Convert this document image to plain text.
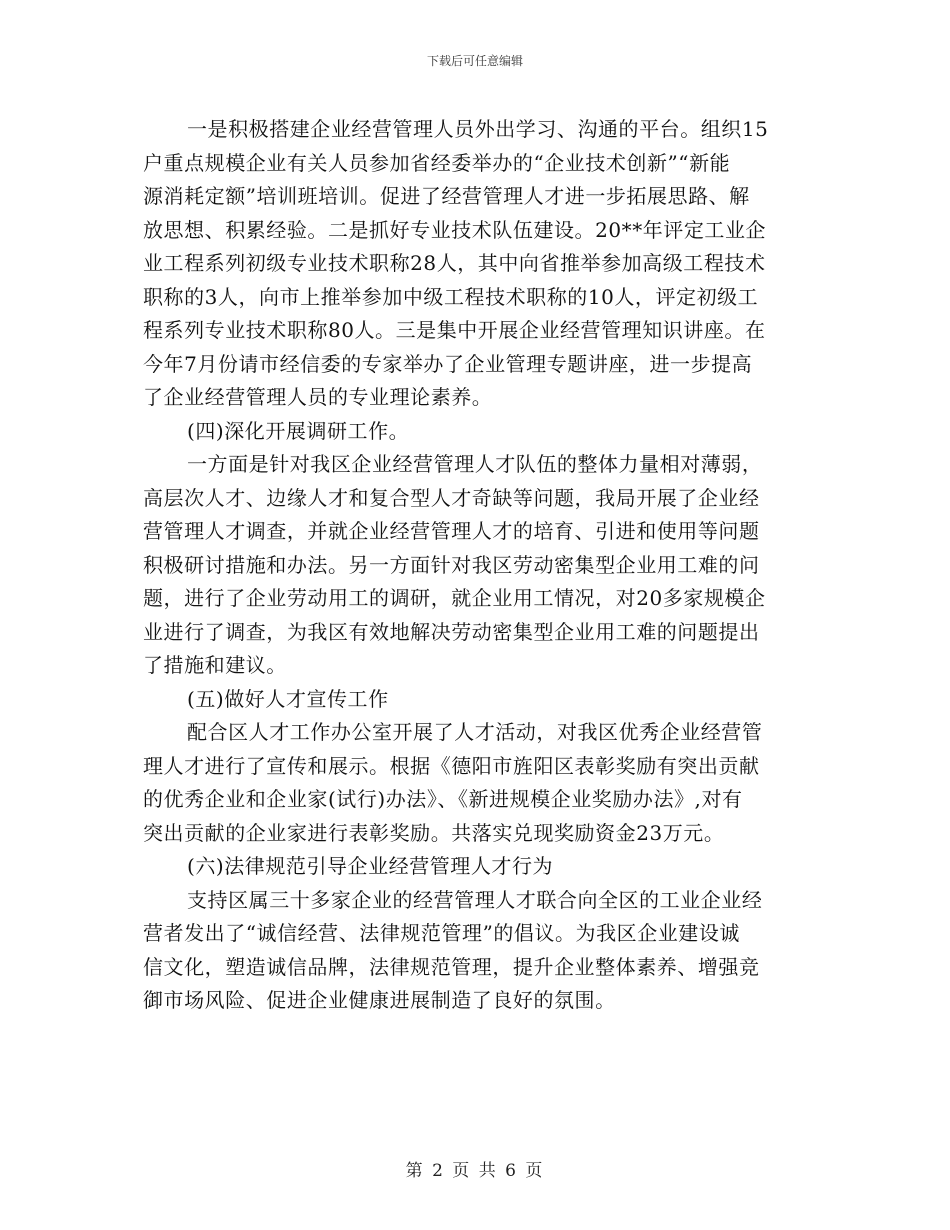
下载后可任意编辑
一是积极搭建企业经营管理人员外出学习、沟通的平台。组织15
户重点规模企业有关人员参加省经委举办的“企业技术创新”“新能
源消耗定额”培训班培训。促进了经营管理人才进一步拓展思路、解
放思想、积累经验。二是抓好专业技术队伍建设。20**年评定工业企
业工程系列初级专业技术职称28人，其中向省推举参加高级工程技术
职称的3人，向市上推举参加中级工程技术职称的10人，评定初级工
程系列专业技术职称80人。三是集中开展企业经营管理知识讲座。在
今年7月份请市经信委的专家举办了企业管理专题讲座，进一步提高
了企业经营管理人员的专业理论素养。
(四)深化开展调研工作。
一方面是针对我区企业经营管理人才队伍的整体力量相对薄弱，
高层次人才、边缘人才和复合型人才奇缺等问题，我局开展了企业经
营管理人才调查，并就企业经营管理人才的培育、引进和使用等问题
积极研讨措施和办法。另一方面针对我区劳动密集型企业用工难的问
题，进行了企业劳动用工的调研，就企业用工情况，对20多家规模企
业进行了调查，为我区有效地解决劳动密集型企业用工难的问题提出
了措施和建议。
(五)做好人才宣传工作
配合区人才工作办公室开展了人才活动，对我区优秀企业经营管
理人才进行了宣传和展示。根据《德阳市旌阳区表彰奖励有突出贡献
的优秀企业和企业家(试行)办法》、《新进规模企业奖励办法》,对有
突出贡献的企业家进行表彰奖励。共落实兑现奖励资金23万元。
(六)法律规范引导企业经营管理人才行为
支持区属三十多家企业的经营管理人才联合向全区的工业企业经
营者发出了“诚信经营、法律规范管理”的倡议。为我区企业建设诚
信文化，塑造诚信品牌，法律规范管理，提升企业整体素养、增强竞
御市场风险、促进企业健康进展制造了良好的氛围。
第 2 页 共 6 页
